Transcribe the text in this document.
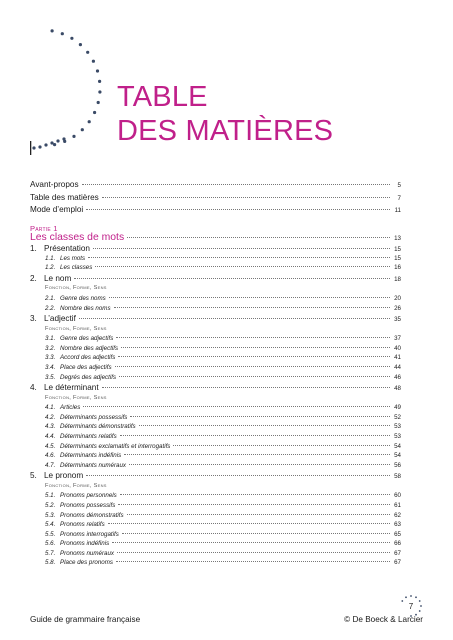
TABLE
DES MATIÈRES
Avant-propos	5
Table des matières	7
Mode d’emploi	11
Partie 1
Les classes de mots	13
1. Présentation	15
1.1. Les mots	15
1.2. Les classes	16
2. Le nom	18
Fonction, Forme, Sens
2.1. Genre des noms	20
2.2. Nombre des noms	26
3. L’adjectif	35
Fonction, Forme, Sens
3.1. Genre des adjectifs	37
3.2. Nombre des adjectifs	40
3.3. Accord des adjectifs	41
3.4. Place des adjectifs	44
3.5. Degrés des adjectifs	46
4. Le déterminant	48
Fonction, Forme, Sens
4.1. Articles	49
4.2. Déterminants possessifs	52
4.3. Déterminants démonstratifs	53
4.4. Déterminants relatifs	53
4.5. Déterminants exclamatifs et interrogatifs	54
4.6. Déterminants indéfinis	54
4.7. Déterminants numéraux	56
5. Le pronom	58
Fonction, Forme, Sens
5.1. Pronoms personnels	60
5.2. Pronoms possessifs	61
5.3. Pronoms démonstratifs	62
5.4. Pronoms relatifs	63
5.5. Pronoms interrogatifs	65
5.6. Pronoms indéfinis	66
5.7. Pronoms numéraux	67
5.8. Place des pronoms	67
7
Guide de grammaire française	© De Boeck & Larcier
